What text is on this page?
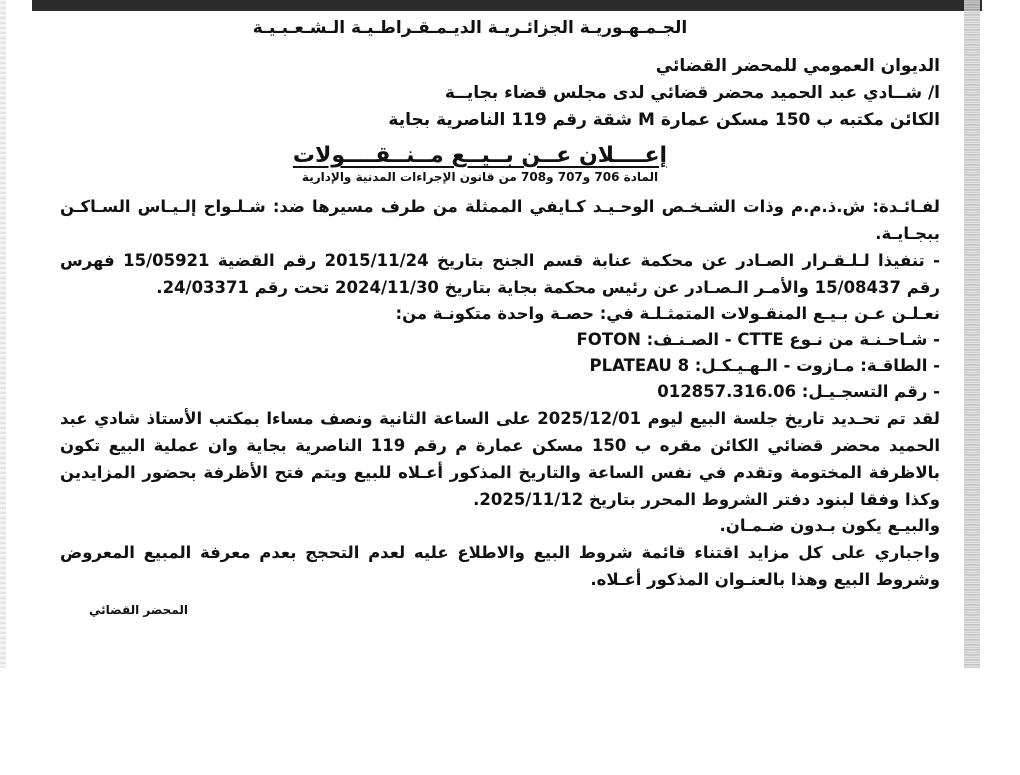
الجـمـهـوريـة الجزائـريـة الديـمـقـراطـيـة الـشـعـبـيـة
الديوان العمومي للمحضر القضائي
ا/ شــادي عبد الحميد محضر قضائي لدى مجلس قضاء بجايــة
الكائن مكتبه ب 150 مسكن عمارة M شقة رقم 119 الناصرية بجاية
إعــــلان عــن بــيــع مــنــقــــولات
المادة 706 و707 و708 من قانون الإجراءات المدنية والإدارية
لفـائـدة: ش.ذ.م.م وذات الشـخـص الوحـيـد كـايفي الممثلة من طرف مسيرها ضد: شـلـواح إلـيـاس السـاكـن ببجـايـة.
- تنفيذا لـلـقـرار الصـادر عن محكمة عنابة قسم الجنح بتاريخ 2015/11/24 رقم القضية 15/05921 فهرس رقم 15/08437 والأمـر الـصـادر عن رئيس محكمة بجاية بتاريخ 2024/11/30 تحت رقم 24/03371.
نعـلـن عـن بـيـع المنقـولات المتمثـلـة في: حصـة واحدة متكونـة من:
- شـاحـنـة من نـوع CTTE - الصـنـف: FOTON
- الطاقـة: مـازوت - الـهـيـكـل: PLATEAU 8
- رقم التسجـيـل: 012857.316.06
لقد تم تحـديد تاريخ جلسة البيع ليوم 2025/12/01 على الساعة الثانية ونصف مساءا بمكتب الأستاذ شادي عبد الحميد محضر قضائي الكائن مقره ب 150 مسكن عمارة م رقم 119 الناصرية بجاية وان عملية البيع تكون بالاظرفة المختومة وتقدم في نفس الساعة والتاريخ المذكور أعـلاه للبيع ويتم فتح الأظرفة بحضور المزايدين وكذا وفقا لبنود دفتر الشروط المحرر بتاريخ 2025/11/12.
والبيـع يكون بـدون ضـمـان.
واجباري على كل مزايد اقتناء قائمة شروط البيع والاطلاع عليه لعدم التحجج بعدم معرفة المبيع المعروض وشروط البيع وهذا بالعنـوان المذكور أعـلاه.
المحضر القضائي
